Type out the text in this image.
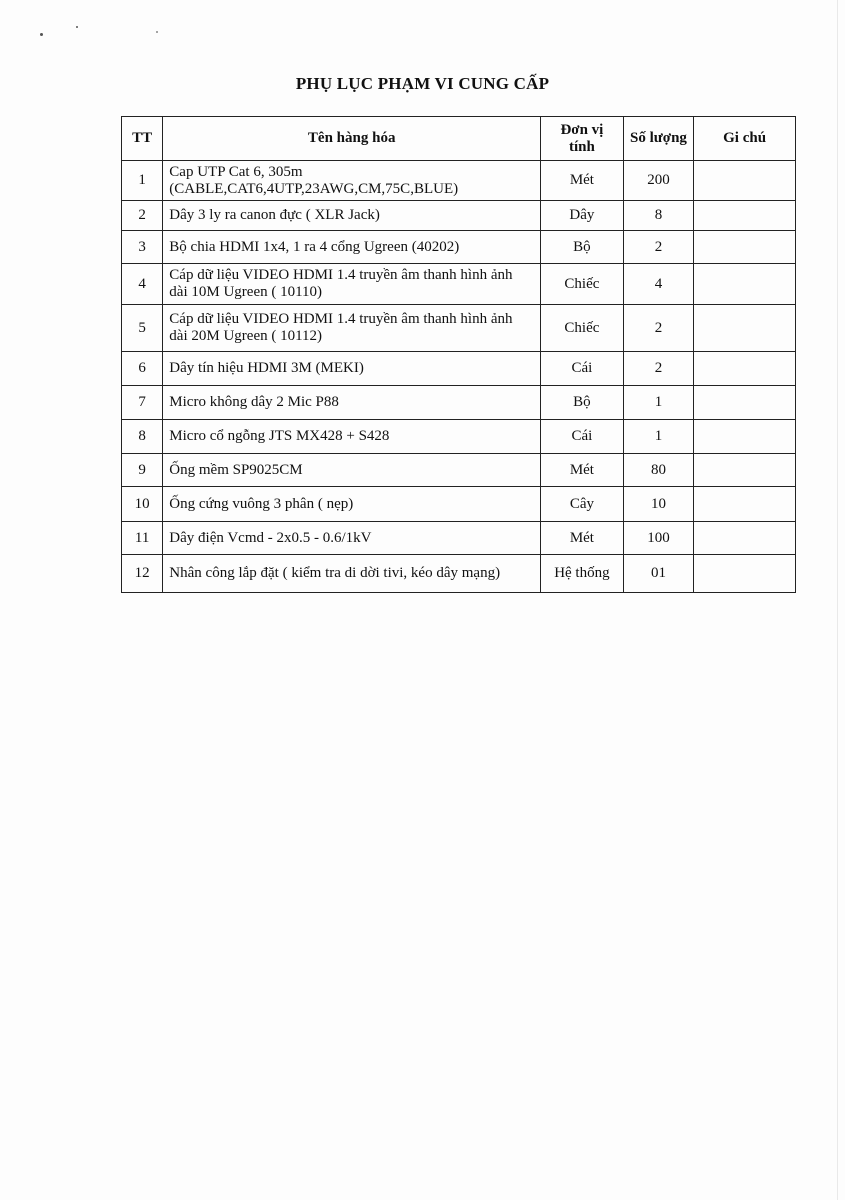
PHỤ LỤC PHẠM VI CUNG CẤP
TT	Tên hàng hóa	Đơn vị tính	Số lượng	Gi chú
1	Cap UTP Cat 6, 305m (CABLE,CAT6,4UTP,23AWG,CM,75C,BLUE)	Mét	200	
2	Dây 3 ly ra canon đực ( XLR Jack)	Dây	8	
3	Bộ chia HDMI 1x4, 1 ra 4 cổng Ugreen (40202)	Bộ	2	
4	Cáp dữ liệu VIDEO HDMI 1.4 truyền âm thanh hình ảnh dài 10M Ugreen ( 10110)	Chiếc	4	
5	Cáp dữ liệu VIDEO HDMI 1.4 truyền âm thanh hình ảnh dài 20M Ugreen ( 10112)	Chiếc	2	
6	Dây tín hiệu HDMI 3M (MEKI)	Cái	2	
7	Micro không dây 2 Mic P88	Bộ	1	
8	Micro cổ ngỗng JTS MX428 + S428	Cái	1	
9	Ống mềm SP9025CM	Mét	80	
10	Ống cứng vuông 3 phân ( nẹp)	Cây	10	
11	Dây điện Vcmd - 2x0.5 - 0.6/1kV	Mét	100	
12	Nhân công lắp đặt ( kiểm tra di dời tivi, kéo dây mạng)	Hệ thống	01	
